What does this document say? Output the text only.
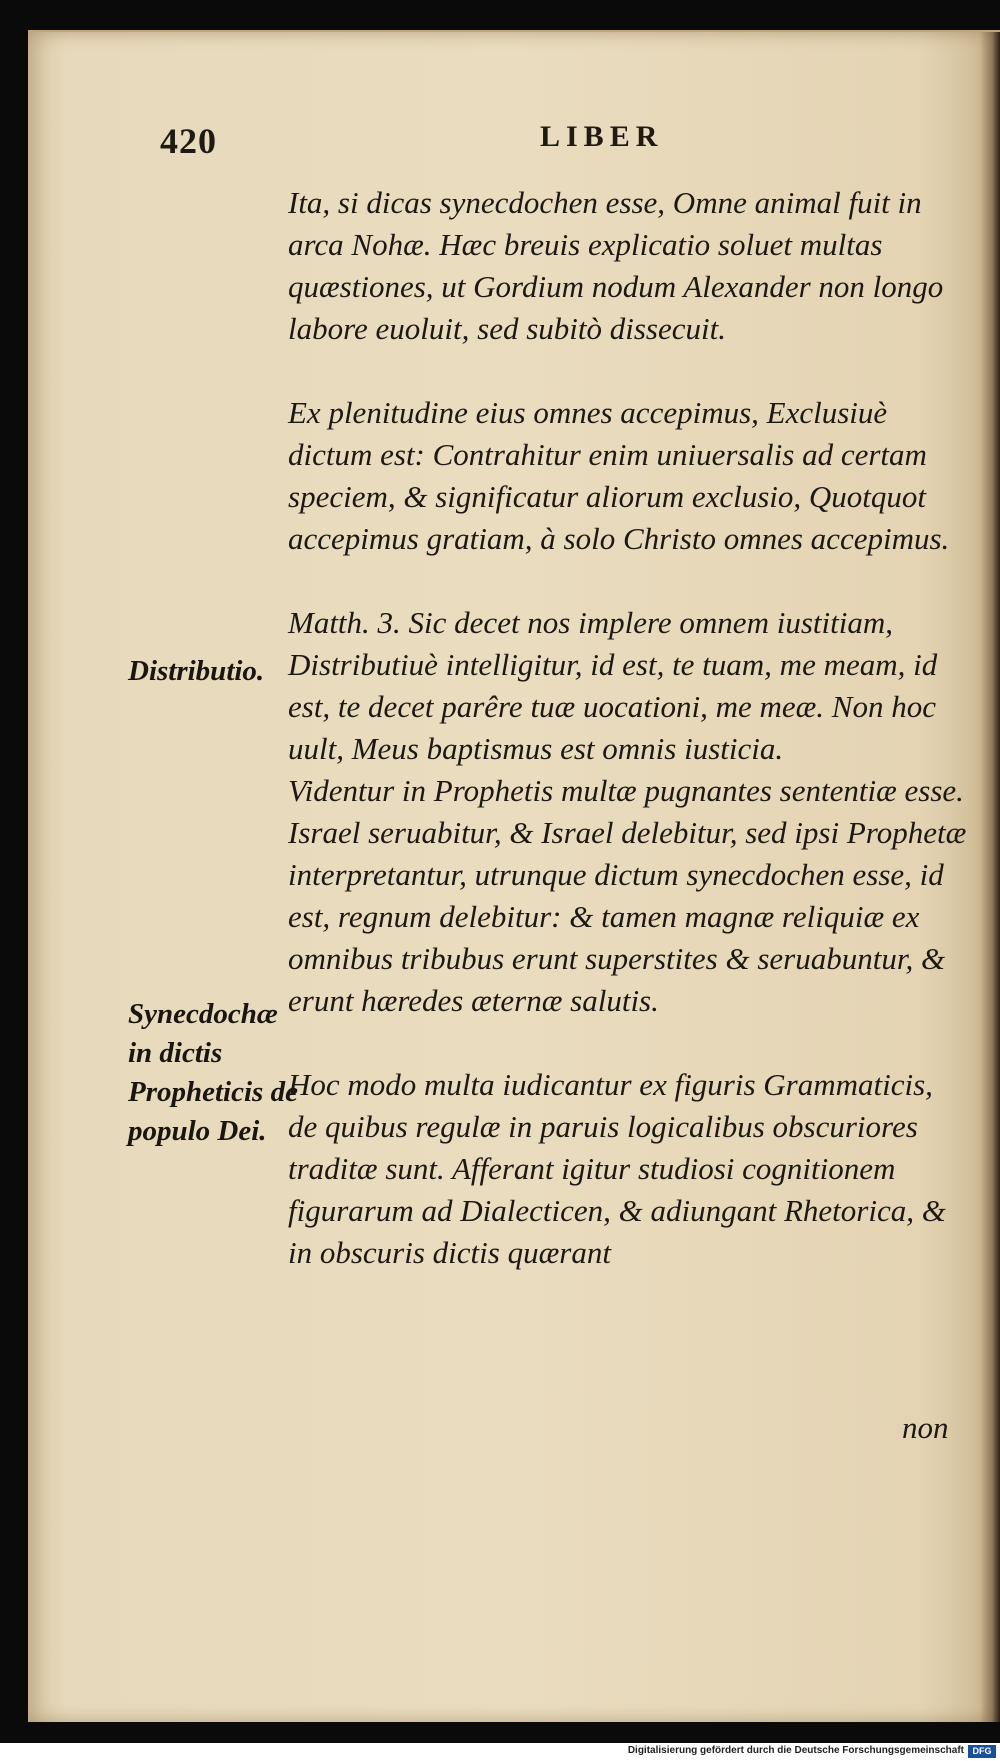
420	LIBER

Ita, si dicas synecdochen esse, Omne animal fuit in arca Nohæ. Hæc breuis explicatio soluet multas quæstiones, ut Gordium nodum Alexander non longo labore euoluit, sed subitò dissecuit.

Ex plenitudine eius omnes accepimus, Exclusiuè dictum est: Contrahitur enim uniuersalis ad certam speciem, & significatur aliorum exclusio, Quotquot accepimus gratiam, à solo Christo omnes accepimus.

Matth. 3. Sic decet nos implere omnem iustitiam, Distributiuè intelligitur, id est, te tuam, me meam, id est, te decet parêre tuæ uocationi, me meæ. Non hoc uult, Meus baptismus est omnis iusticia.

Videntur in Prophetis multæ pugnantes sententiæ esse. Israel seruabitur, & Israel delebitur, sed ipsi Prophetæ interpretantur, utrunque dictum synecdochen esse, id est, regnum delebitur: & tamen magnæ reliquiæ ex omnibus tribubus erunt superstites & seruabuntur, & erunt hæredes æternæ salutis.

Hoc modo multa iudicantur ex figuris Grammaticis, de quibus regulæ in paruis logicalibus obscuriores traditæ sunt. Afferant igitur studiosi cognitionem figurarum ad Dialecticen, & adiungant Rhetorica, & in obscuris dictis quærant

non
Distributio.
Synecdochæ in dictis Propheticis de populo Dei.
Digitalisierung gefördert durch die Deutsche Forschungsgemeinschaft DFG
